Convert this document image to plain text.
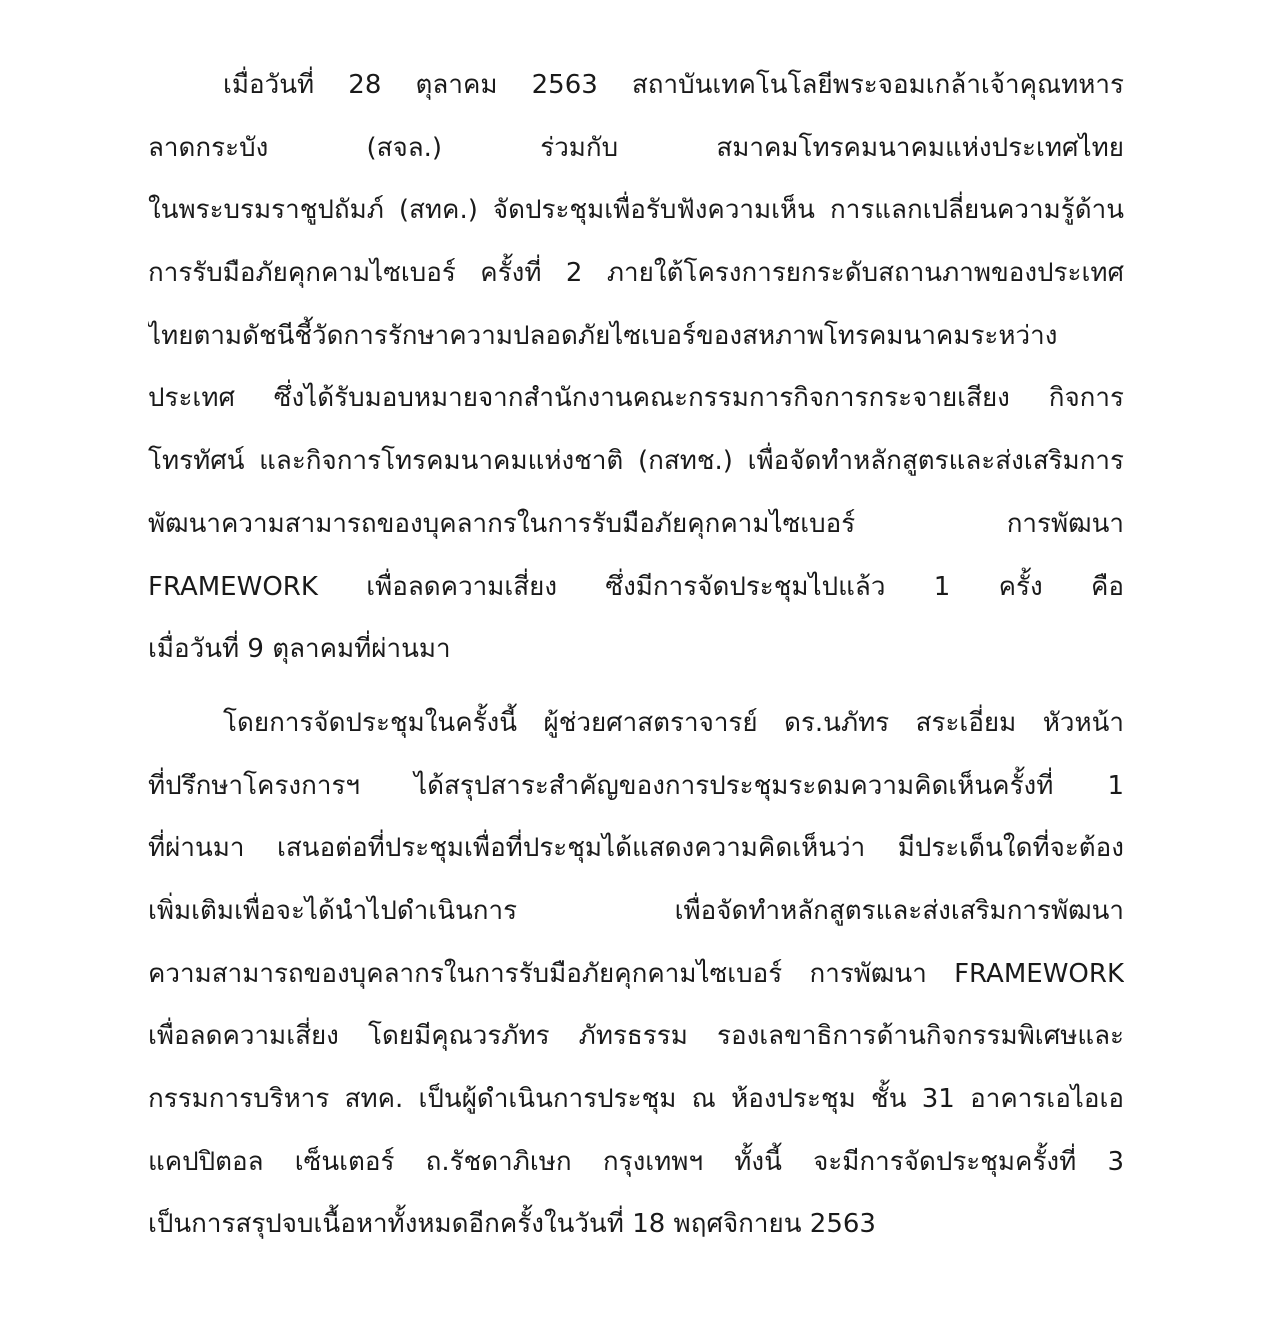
เมื่อวันที่ 28 ตุลาคม 2563 สถาบันเทคโนโลยีพระจอมเกล้าเจ้าคุณทหาร
ลาดกระบัง (สจล.) ร่วมกับ สมาคมโทรคมนาคมแห่งประเทศไทย
ในพระบรมราชูปถัมภ์ (สทค.) จัดประชุมเพื่อรับฟังความเห็น การแลกเปลี่ยนความรู้ด้าน
การรับมือภัยคุกคามไซเบอร์ ครั้งที่ 2 ภายใต้โครงการยกระดับสถานภาพของประเทศ
ไทยตามดัชนีชี้วัดการรักษาความปลอดภัยไซเบอร์ของสหภาพโทรคมนาคมระหว่าง
ประเทศ ซึ่งได้รับมอบหมายจากสำนักงานคณะกรรมการกิจการกระจายเสียง กิจการ
โทรทัศน์ และกิจการโทรคมนาคมแห่งชาติ (กสทช.) เพื่อจัดทำหลักสูตรและส่งเสริมการ
พัฒนาความสามารถของบุคลากรในการรับมือภัยคุกคามไซเบอร์ การพัฒนา
FRAMEWORK เพื่อลดความเสี่ยง ซึ่งมีการจัดประชุมไปแล้ว 1 ครั้ง คือ
เมื่อวันที่ 9 ตุลาคมที่ผ่านมา
โดยการจัดประชุมในครั้งนี้ ผู้ช่วยศาสตราจารย์ ดร.นภัทร สระเอี่ยม หัวหน้า
ที่ปรึกษาโครงการฯ ได้สรุปสาระสำคัญของการประชุมระดมความคิดเห็นครั้งที่ 1
ที่ผ่านมา เสนอต่อที่ประชุมเพื่อที่ประชุมได้แสดงความคิดเห็นว่า มีประเด็นใดที่จะต้อง
เพิ่มเติมเพื่อจะได้นำไปดำเนินการ เพื่อจัดทำหลักสูตรและส่งเสริมการพัฒนา
ความสามารถของบุคลากรในการรับมือภัยคุกคามไซเบอร์ การพัฒนา FRAMEWORK
เพื่อลดความเสี่ยง โดยมีคุณวรภัทร ภัทรธรรม รองเลขาธิการด้านกิจกรรมพิเศษและ
กรรมการบริหาร สทค. เป็นผู้ดำเนินการประชุม ณ ห้องประชุม ชั้น 31 อาคารเอไอเอ
แคปปิตอล เซ็นเตอร์ ถ.รัชดาภิเษก กรุงเทพฯ ทั้งนี้ จะมีการจัดประชุมครั้งที่ 3
เป็นการสรุปจบเนื้อหาทั้งหมดอีกครั้งในวันที่ 18 พฤศจิกายน 2563
